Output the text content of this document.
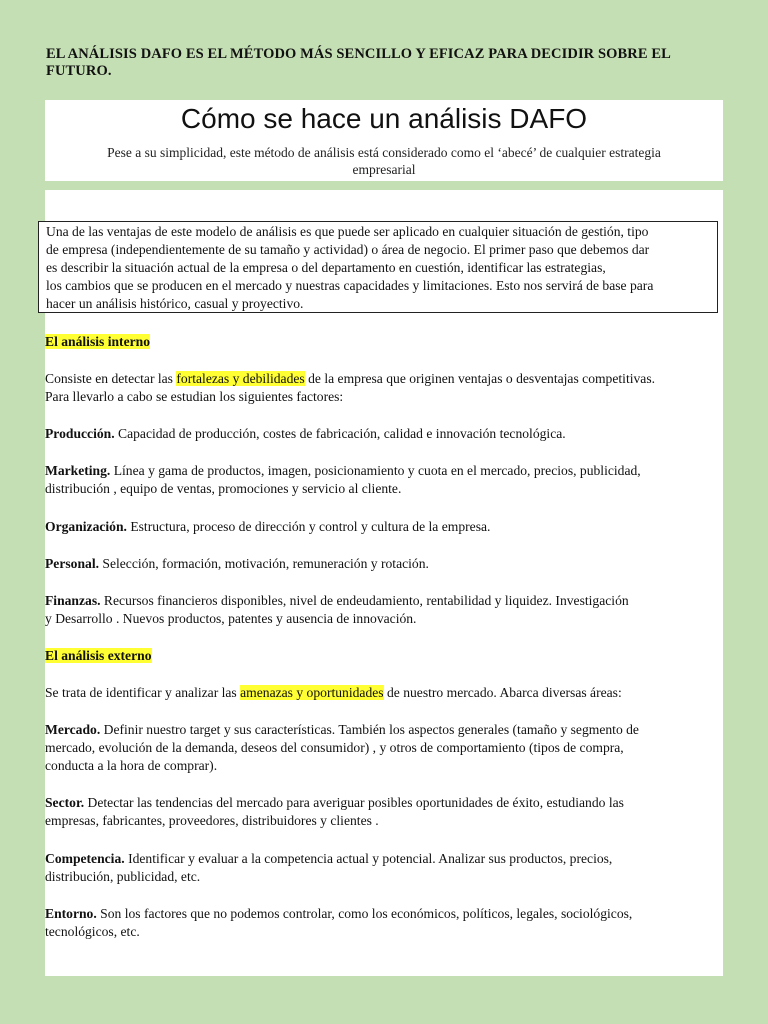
EL ANÁLISIS DAFO ES EL MÉTODO MÁS SENCILLO Y EFICAZ PARA DECIDIR SOBRE EL
FUTURO.
Cómo se hace un análisis DAFO
Pese a su simplicidad, este método de análisis está considerado como el ‘abecé’ de cualquier estrategia empresarial
Una de las ventajas de este modelo de análisis es que puede ser aplicado en cualquier situación de gestión, tipo
de empresa (independientemente de su tamaño y actividad) o área de negocio. El primer paso que debemos dar
es describir la situación actual de la empresa o del departamento en cuestión, identificar las estrategias,
los cambios que se producen en el mercado y nuestras capacidades y limitaciones. Esto nos servirá de base para
hacer un análisis histórico, casual y proyectivo.
El análisis interno
Consiste en detectar las fortalezas y debilidades de la empresa que originen ventajas o desventajas competitivas.
Para llevarlo a cabo se estudian los siguientes factores:
Producción. Capacidad de producción, costes de fabricación, calidad e innovación tecnológica.
Marketing. Línea y gama de productos, imagen, posicionamiento y cuota en el mercado, precios, publicidad,
distribución , equipo de ventas, promociones y servicio al cliente.
Organización. Estructura, proceso de dirección y control y cultura de la empresa.
Personal. Selección, formación, motivación, remuneración y rotación.
Finanzas. Recursos financieros disponibles, nivel de endeudamiento, rentabilidad y liquidez. Investigación
y Desarrollo . Nuevos productos, patentes y ausencia de innovación.
El análisis externo
Se trata de identificar y analizar las amenazas y oportunidades de nuestro mercado. Abarca diversas áreas:
Mercado. Definir nuestro target y sus características. También los aspectos generales (tamaño y segmento de
mercado, evolución de la demanda, deseos del consumidor) , y otros de comportamiento (tipos de compra,
conducta a la hora de comprar).
Sector. Detectar las tendencias del mercado para averiguar posibles oportunidades de éxito, estudiando las
empresas, fabricantes, proveedores, distribuidores y clientes .
Competencia. Identificar y evaluar a la competencia actual y potencial. Analizar sus productos, precios,
distribución, publicidad, etc.
Entorno. Son los factores que no podemos controlar, como los económicos, políticos, legales, sociológicos,
tecnológicos, etc.
